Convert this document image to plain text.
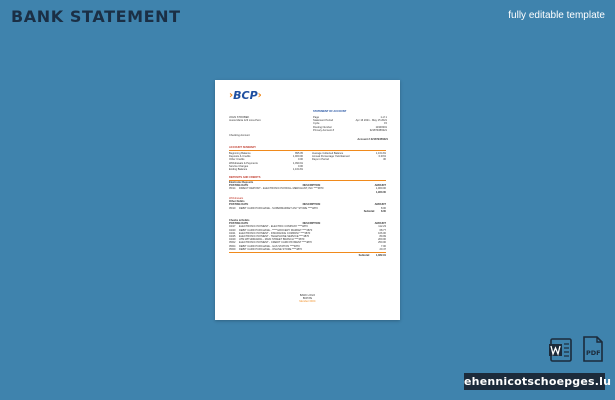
BANK STATEMENT	fully editable template
› BCP ›
STATEMENT OF ACCOUNT
JOHN STROBEK
Jesús María 123 Lima Perú
Page	1 of 1
Statement Period	Apr 16 2021 - May 15 2021
Cycle	15
Routing Number	11900301
Primary Account #	321879456321
Checking Account
Account # 321879456321
ACCOUNT SUMMARY
Beginning Balance	895.05
Deposits & Credits	1,960.00
Other Credits	0.00
Withdrawals & Payments	1,090.91
Service Charges	0.00
Ending Balance	1,164.81
Average Collected Balance	1,164.81
Annual Percentage Yield Earned	0.00%
Days in Period	30
DEPOSITS AND CREDITS
Electronic Deposits
POSTING DATE	DESCRIPTION	AMOUNT
05/14	DIRECT DEPOSIT - ELECTRONIC PAYROLL MERCHANT, INC ****4870	1,960.00
1,960.00
Withdrawals
Other Debits
POSTING DATE	DESCRIPTION	AMOUNT
05/10	DEBIT CARD PURCHASE - SUPERMARKET ANY STORE ****4870	8.00
Subtotal: 8.00
Checks & Debits
POSTING DATE	DESCRIPTION	AMOUNT
04/17	ELECTRONIC PAYMENT - ELECTRIC COMPANY ****4870	112.23
04/20	DEBIT CARD PURCHASE - *****GROCERY MARKET ****4870	68.77
04/21	ELECTRONIC PAYMENT - INSURANCE COMPANY ****4870	166.00
04/25	ELECTRONIC PAYMENT - TELEPHONE SERVICE ****4870	89.99
04/29	ATM WITHDRAWAL - MAIN STREET BRANCH ****4870	200.00
05/02	ELECTRONIC PAYMENT - CREDIT CARD PAYMENT ****4870	250.00
05/04	DEBIT CARD PURCHASE - GAS STATION ****4870	7.00
05/09	DEBIT CARD PURCHASE - ONLINE STORE ****4870	20.47
Subtotal: 1,082.91
BANK LOGO
BCP.PE
Member FDIC
PDF
ehennicotschoepges.lu
